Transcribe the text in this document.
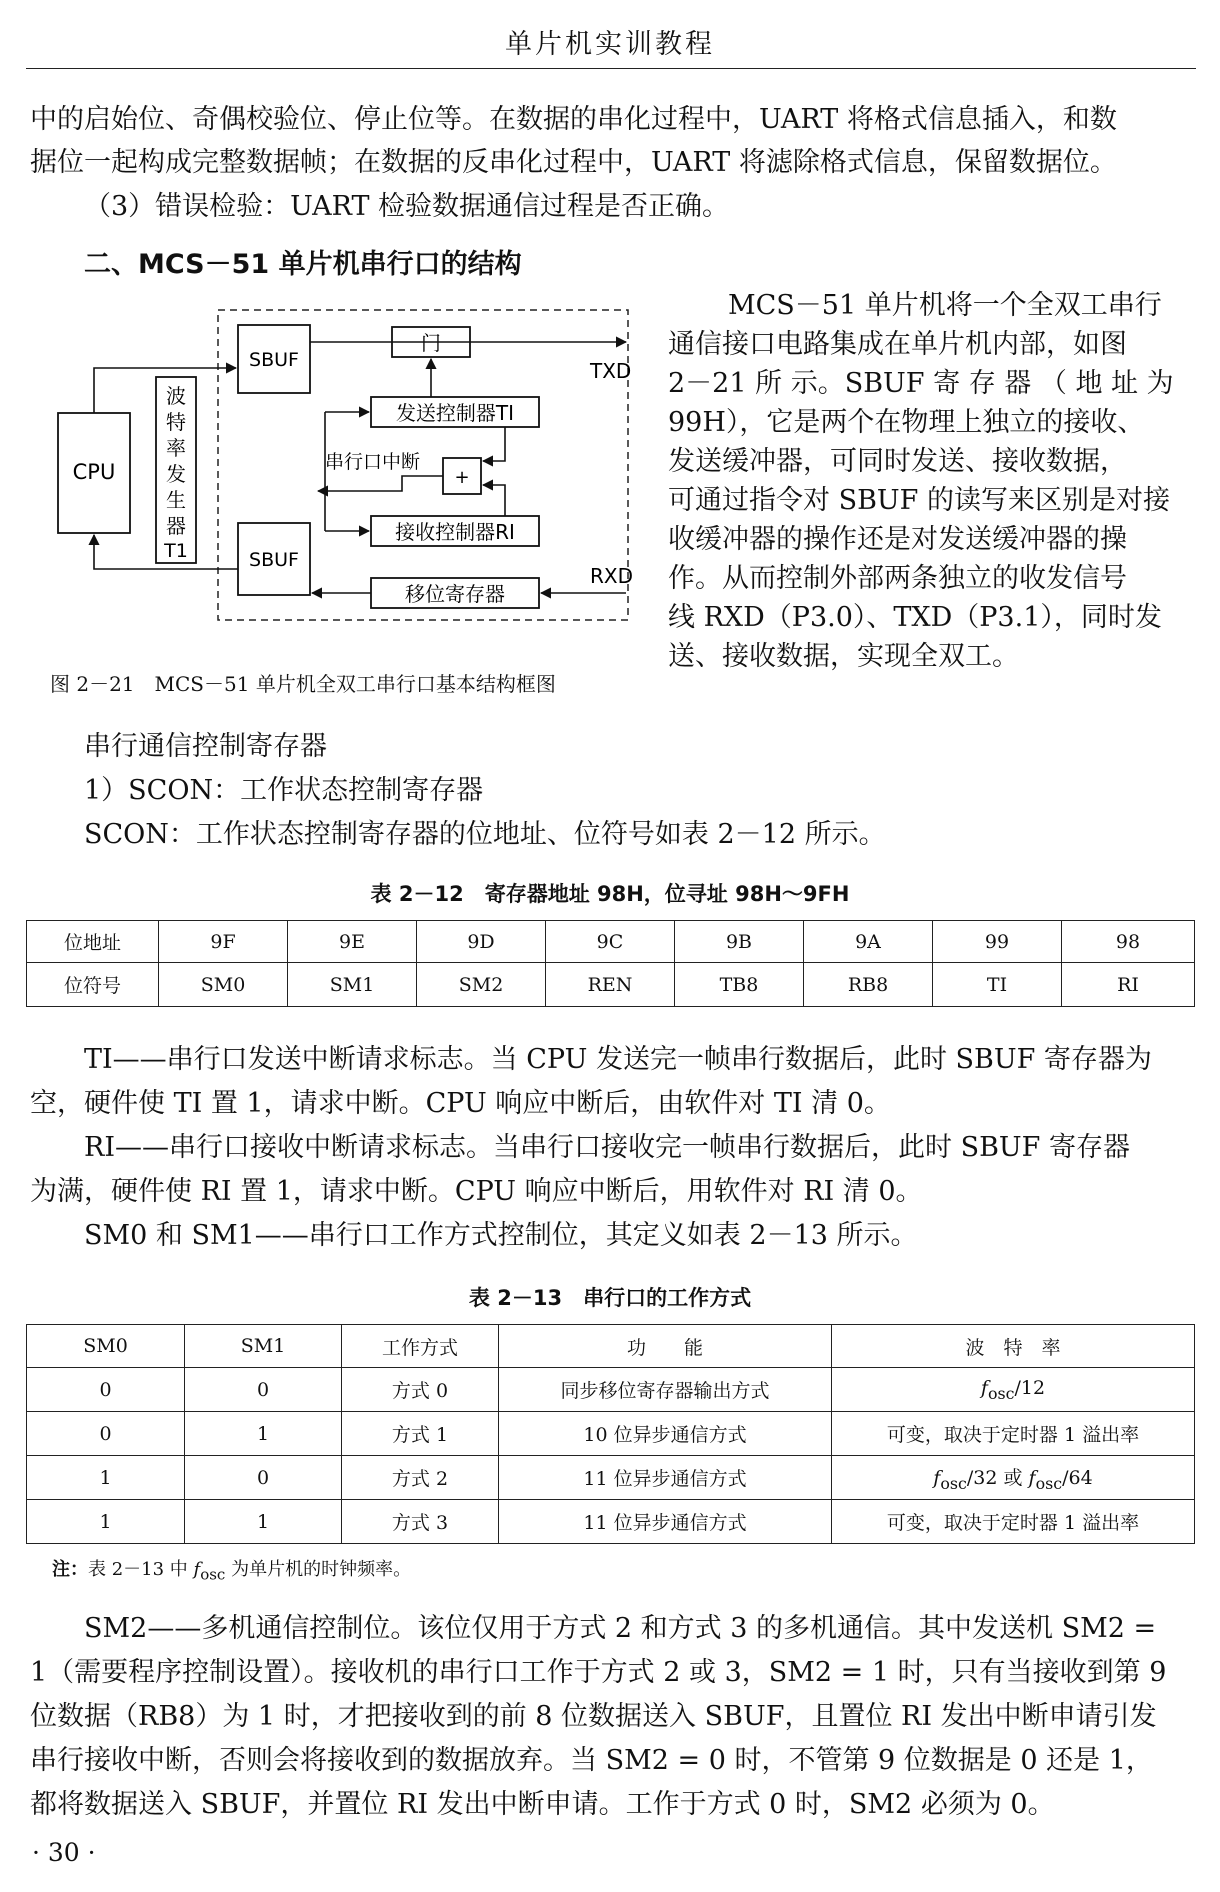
单片机实训教程
中的启始位、奇偶校验位、停止位等。在数据的串化过程中，UART 将格式信息插入，和数
据位一起构成完整数据帧；在数据的反串化过程中，UART 将滤除格式信息，保留数据位。
（3）错误检验：UART 检验数据通信过程是否正确。
二、MCS－51 单片机串行口的结构
CPU
波
特
率
发
生
器
T1
SBUF
SBUF
门
发送控制器TI
+
串行口中断
接收控制器RI
移位寄存器
TXD
RXD
图 2－21　MCS－51 单片机全双工串行口基本结构框图
MCS－51 单片机将一个全双工串行
通信接口电路集成在单片机内部，如图
2－21 所 示。SBUF 寄 存 器 （ 地 址 为
99H），它是两个在物理上独立的接收、
发送缓冲器，可同时发送、接收数据，
可通过指令对 SBUF 的读写来区别是对接
收缓冲器的操作还是对发送缓冲器的操
作。从而控制外部两条独立的收发信号
线 RXD（P3.0）、TXD（P3.1），同时发
送、接收数据，实现全双工。
串行通信控制寄存器
1）SCON：工作状态控制寄存器
SCON：工作状态控制寄存器的位地址、位符号如表 2－12 所示。
表 2－12　寄存器地址 98H，位寻址 98H～9FH
位地址	9F	9E	9D	9C	9B	9A	99	98
位符号	SM0	SM1	SM2	REN	TB8	RB8	TI	RI
TI——串行口发送中断请求标志。当 CPU 发送完一帧串行数据后，此时 SBUF 寄存器为
空，硬件使 TI 置 1，请求中断。CPU 响应中断后，由软件对 TI 清 0。
RI——串行口接收中断请求标志。当串行口接收完一帧串行数据后，此时 SBUF 寄存器
为满，硬件使 RI 置 1，请求中断。CPU 响应中断后，用软件对 RI 清 0。
SM0 和 SM1——串行口工作方式控制位，其定义如表 2－13 所示。
表 2－13　串行口的工作方式
SM0	SM1	工作方式	功　　能	波　特　率
0	0	方式 0	同步移位寄存器输出方式	$f_{osc}/12$
0	1	方式 1	10 位异步通信方式	可变，取决于定时器 1 溢出率
1	0	方式 2	11 位异步通信方式	$f_{osc}/32$ 或 $f_{osc}/64$
1	1	方式 3	11 位异步通信方式	可变，取决于定时器 1 溢出率
注：表 2－13 中 $f_{osc}$ 为单片机的时钟频率。
SM2——多机通信控制位。该位仅用于方式 2 和方式 3 的多机通信。其中发送机 SM2 =
1（需要程序控制设置）。接收机的串行口工作于方式 2 或 3，SM2 = 1 时，只有当接收到第 9
位数据（RB8）为 1 时，才把接收到的前 8 位数据送入 SBUF，且置位 RI 发出中断申请引发
串行接收中断，否则会将接收到的数据放弃。当 SM2 = 0 时，不管第 9 位数据是 0 还是 1，
都将数据送入 SBUF，并置位 RI 发出中断申请。工作于方式 0 时，SM2 必须为 0。
· 30 ·
